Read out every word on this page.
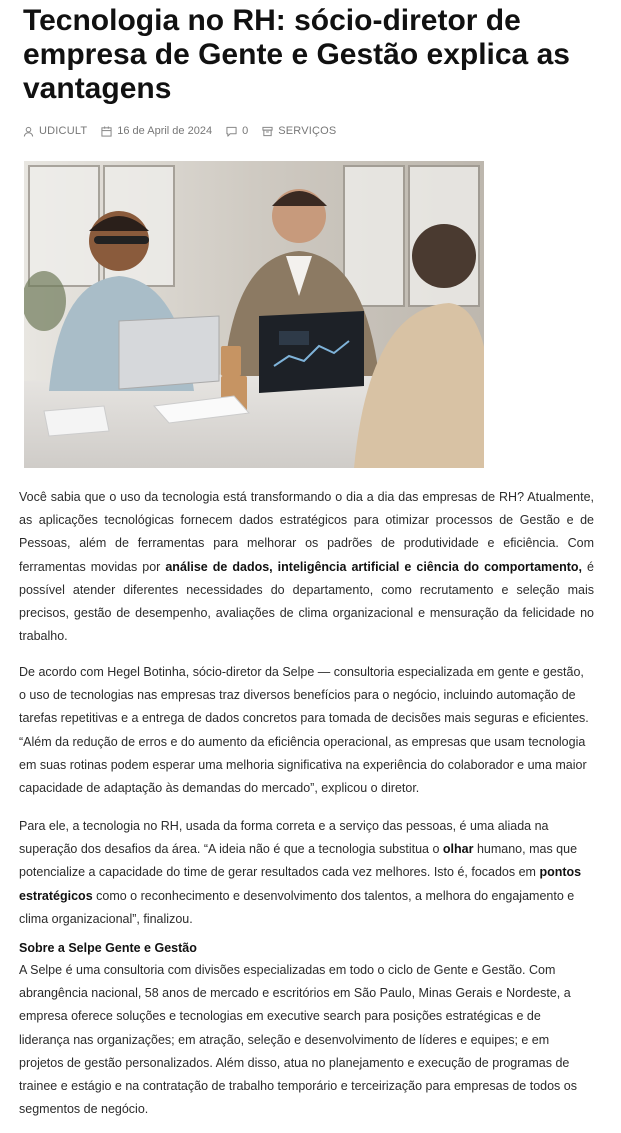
Tecnologia no RH: sócio-diretor de empresa de Gente e Gestão explica as vantagens
UDICULT	16 de April de 2024	0	SERVIÇOS

Você sabia que o uso da tecnologia está transformando o dia a dia das empresas de RH? Atualmente, as aplicações tecnológicas fornecem dados estratégicos para otimizar processos de Gestão e de Pessoas, além de ferramentas para melhorar os padrões de produtividade e eficiência. Com ferramentas movidas por análise de dados, inteligência artificial e ciência do comportamento, é possível atender diferentes necessidades do departamento, como recrutamento e seleção mais precisos, gestão de desempenho, avaliações de clima organizacional e mensuração da felicidade no trabalho.

De acordo com Hegel Botinha, sócio-diretor da Selpe — consultoria especializada em gente e gestão, o uso de tecnologias nas empresas traz diversos benefícios para o negócio, incluindo automação de tarefas repetitivas e a entrega de dados concretos para tomada de decisões mais seguras e eficientes. “Além da redução de erros e do aumento da eficiência operacional, as empresas que usam tecnologia em suas rotinas podem esperar uma melhoria significativa na experiência do colaborador e uma maior capacidade de adaptação às demandas do mercado”, explicou o diretor.

Para ele, a tecnologia no RH, usada da forma correta e a serviço das pessoas, é uma aliada na superação dos desafios da área. “A ideia não é que a tecnologia substitua o olhar humano, mas que potencialize a capacidade do time de gerar resultados cada vez melhores. Isto é, focados em pontos estratégicos como o reconhecimento e desenvolvimento dos talentos, a melhora do engajamento e clima organizacional”, finalizou.

Sobre a Selpe Gente e Gestão

A Selpe é uma consultoria com divisões especializadas em todo o ciclo de Gente e Gestão. Com abrangência nacional, 58 anos de mercado e escritórios em São Paulo, Minas Gerais e Nordeste, a empresa oferece soluções e tecnologias em executive search para posições estratégicas e de liderança nas organizações; em atração, seleção e desenvolvimento de líderes e equipes; e em projetos de gestão personalizados. Além disso, atua no planejamento e execução de programas de trainee e estágio e na contratação de trabalho temporário e terceirização para empresas de todos os segmentos de negócio.
